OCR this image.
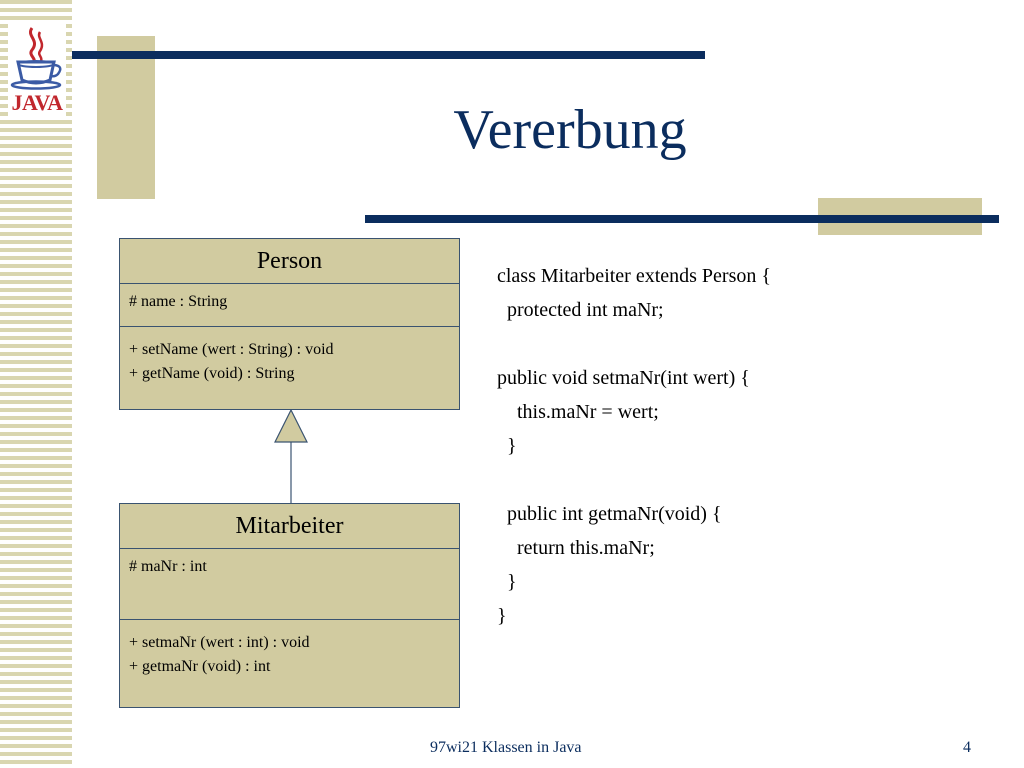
JAVA	Vererbung
Person
# name : String
+ setName (wert : String) : void
+ getName (void) : String
Mitarbeiter
# maNr : int
+ setmaNr (wert : int) : void
+ getmaNr (void) : int
class Mitarbeiter extends Person {
protected int maNr;
public void setmaNr(int wert) {
this.maNr = wert;
}
public int getmaNr(void) {
return this.maNr;
}
}
97wi21 Klassen in Java	4
